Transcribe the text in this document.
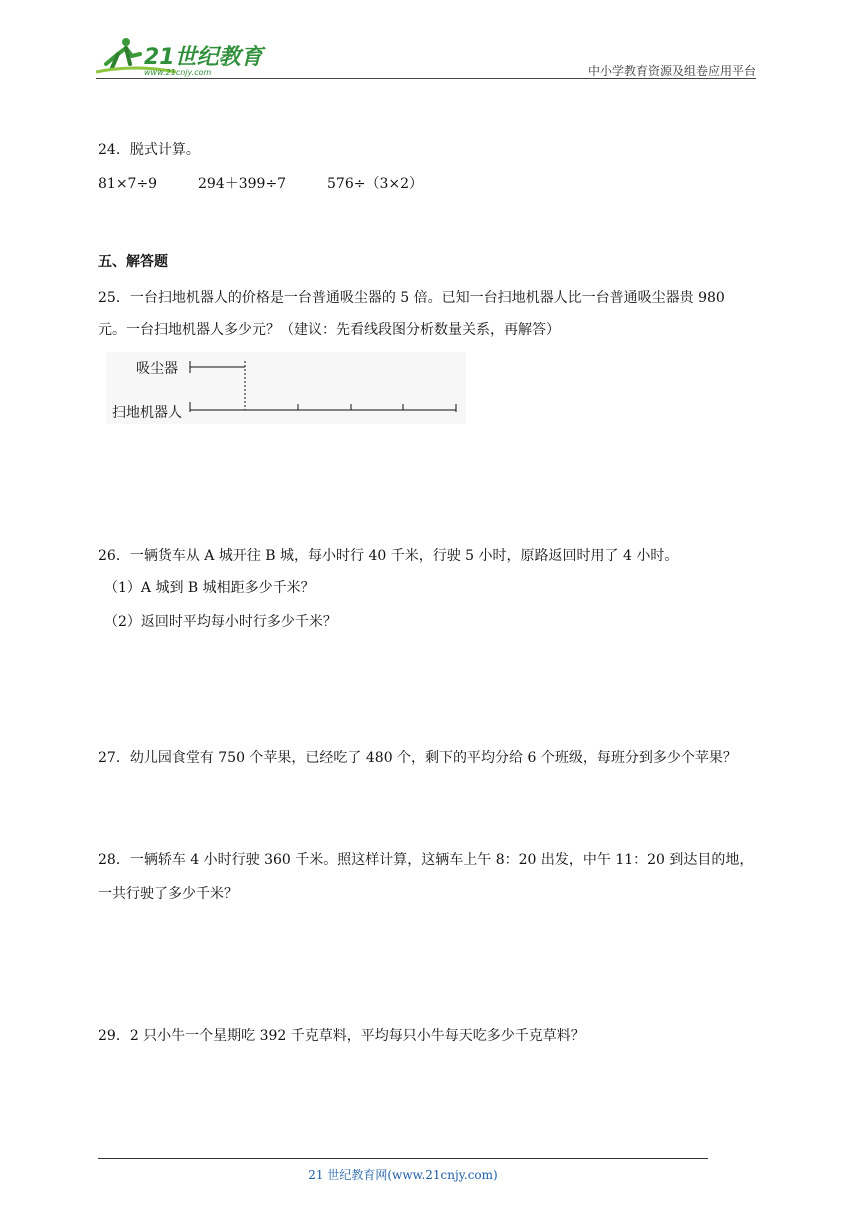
21世纪教育
www.21cnjy.com	中小学教育资源及组卷应用平台
24．脱式计算。
81×7÷9	294＋399÷7	576÷（3×2）
五、解答题
25．一台扫地机器人的价格是一台普通吸尘器的 5 倍。已知一台扫地机器人比一台普通吸尘器贵 980
元。一台扫地机器人多少元？（建议：先看线段图分析数量关系，再解答）
吸尘器
扫地机器人
26．一辆货车从 A 城开往 B 城，每小时行 40 千米，行驶 5 小时，原路返回时用了 4 小时。
（1）A 城到 B 城相距多少千米？
（2）返回时平均每小时行多少千米？
27．幼儿园食堂有 750 个苹果，已经吃了 480 个，剩下的平均分给 6 个班级，每班分到多少个苹果？
28．一辆轿车 4 小时行驶 360 千米。照这样计算，这辆车上午 8：20 出发，中午 11：20 到达目的地，
一共行驶了多少千米？
29．2 只小牛一个星期吃 392 千克草料，平均每只小牛每天吃多少千克草料？
21 世纪教育网(www.21cnjy.com)
